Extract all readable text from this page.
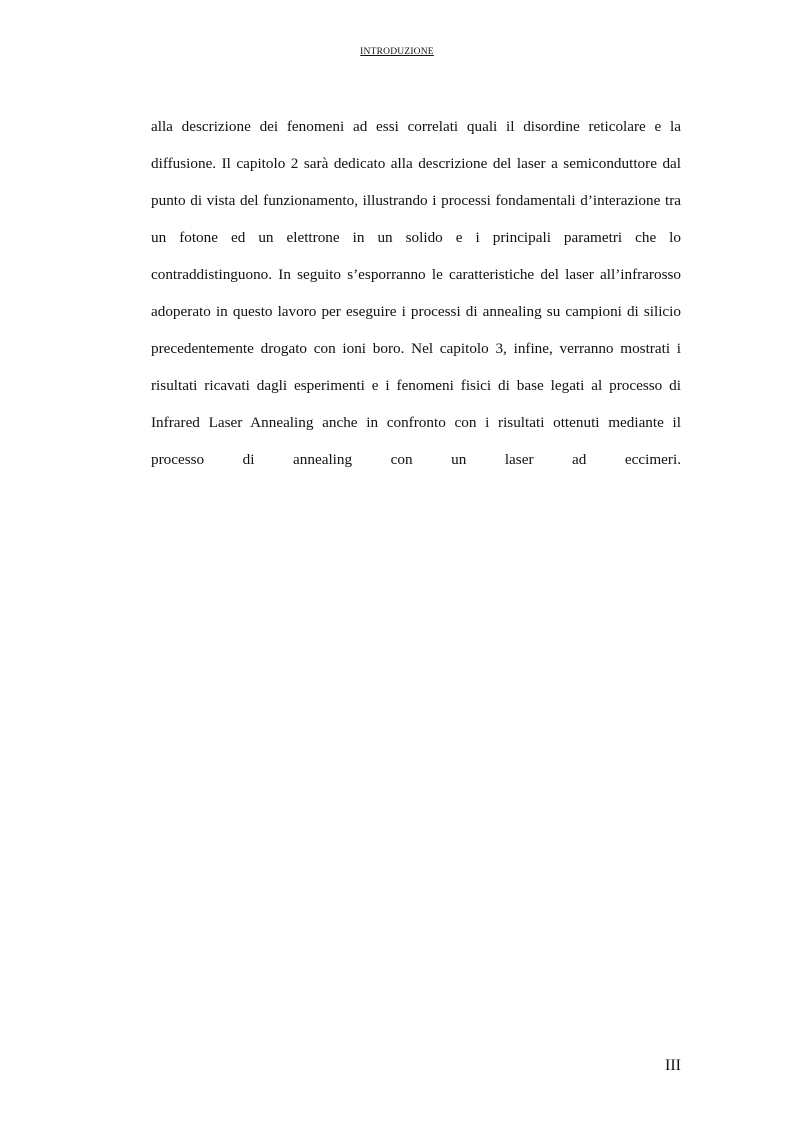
INTRODUZIONE

alla descrizione dei fenomeni ad essi correlati quali il disordine reticolare e la diffusione. Il capitolo 2 sarà dedicato alla descrizione del laser a semiconduttore dal punto di vista del funzionamento, illustrando i processi fondamentali d’interazione tra un fotone ed un elettrone in un solido e i principali parametri che lo contraddistinguono. In seguito s’esporranno le caratteristiche del laser all’infrarosso adoperato in questo lavoro per eseguire i processi di annealing su campioni di silicio precedentemente drogato con ioni boro. Nel capitolo 3, infine, verranno mostrati i risultati ricavati dagli esperimenti e i fenomeni fisici di base legati al processo di Infrared Laser Annealing anche in confronto con i risultati ottenuti mediante il processo di annealing con un laser ad eccimeri.

III
